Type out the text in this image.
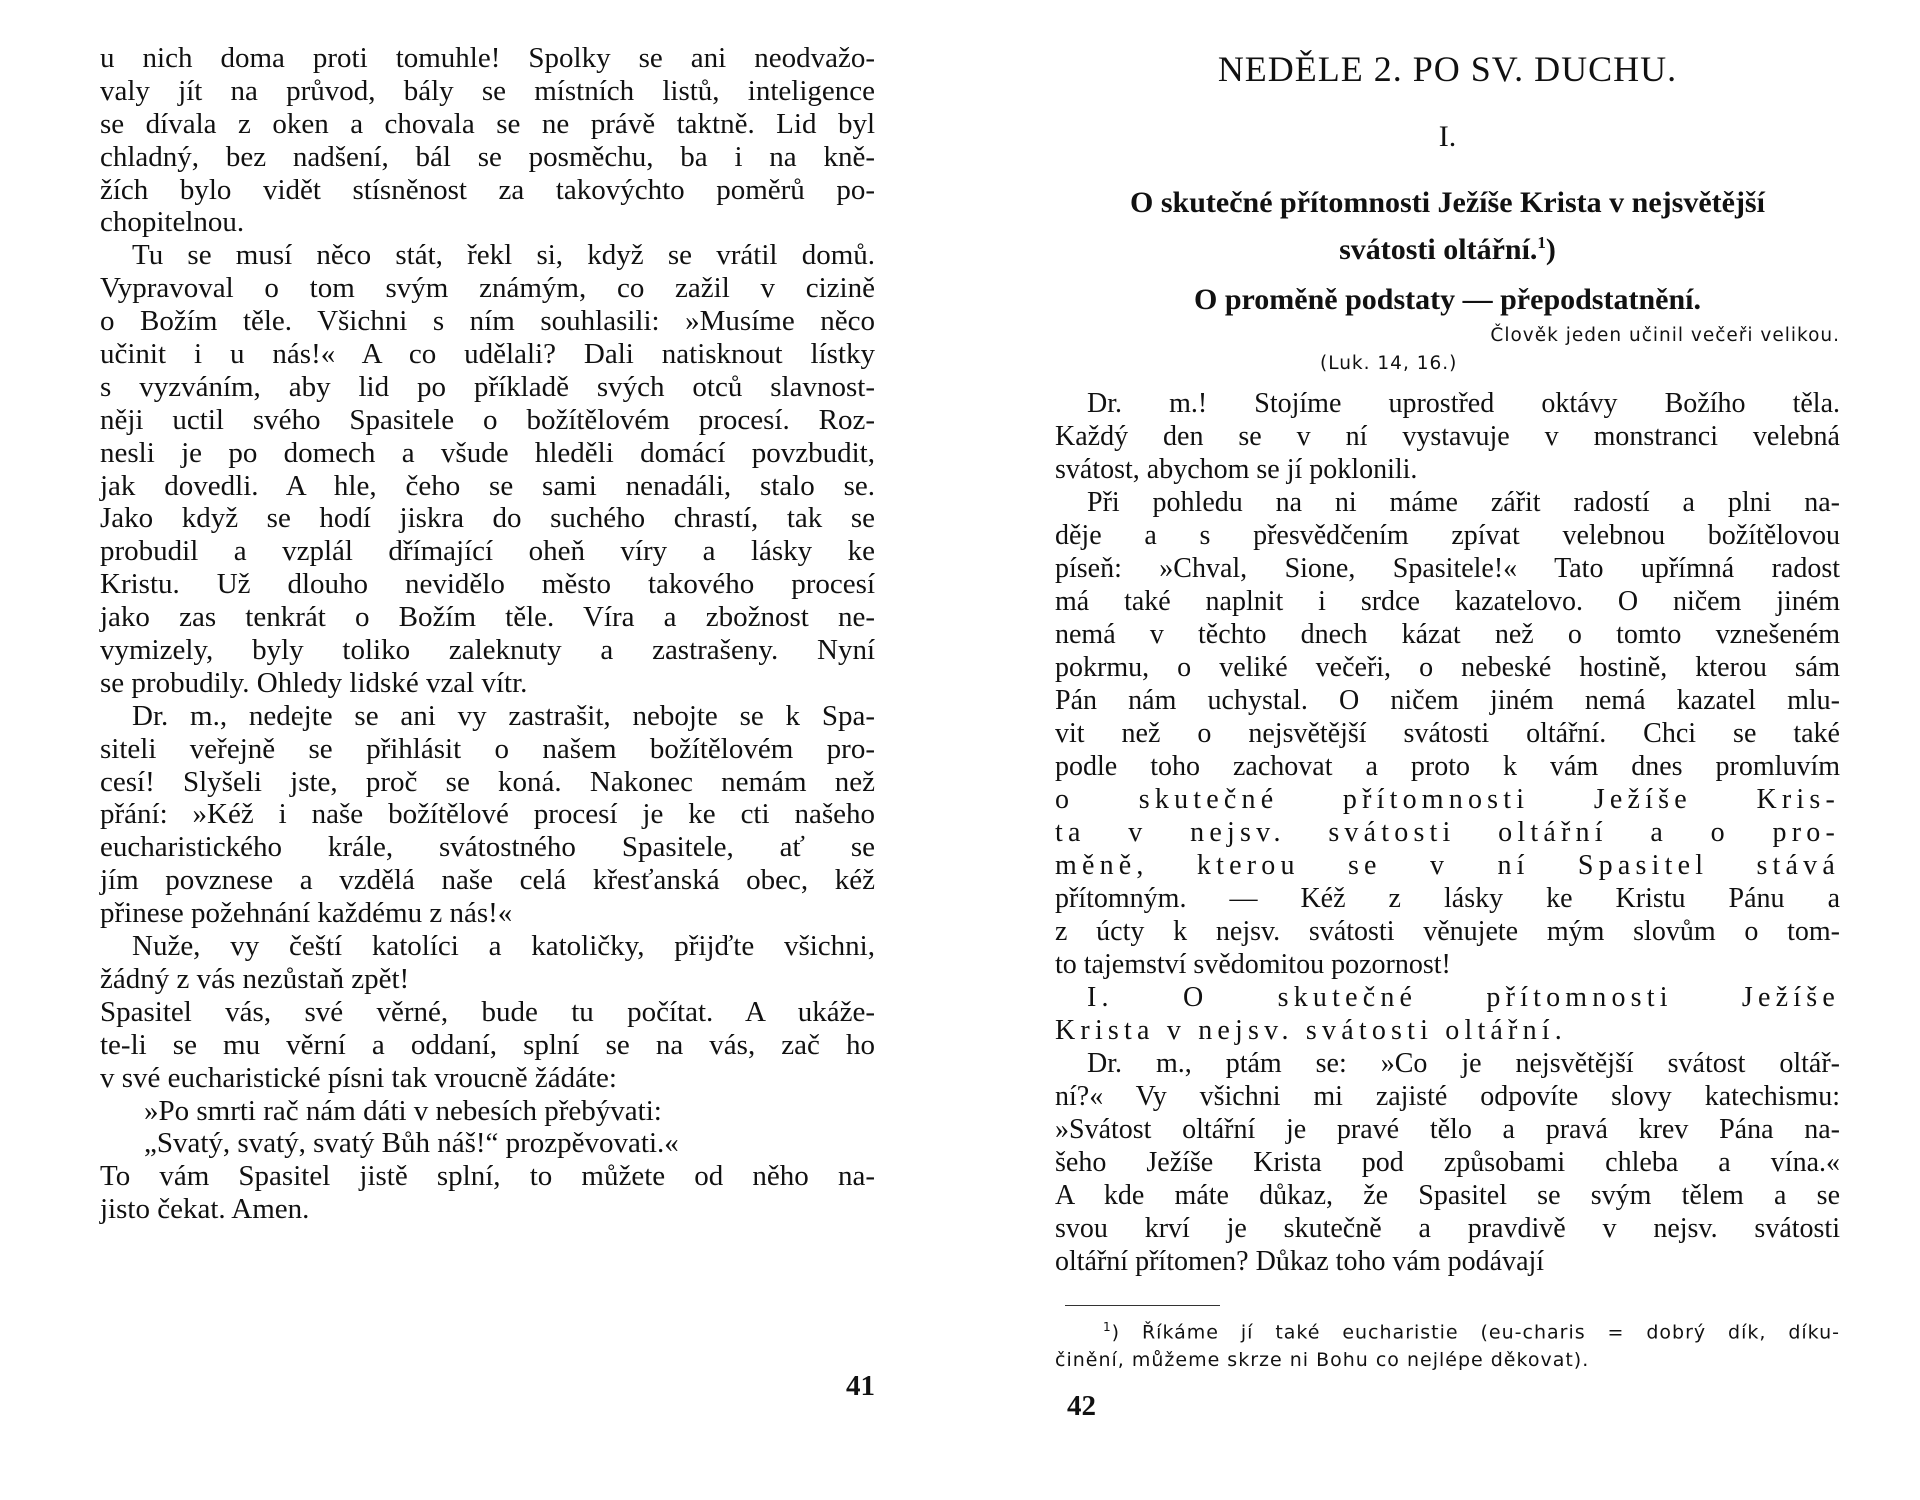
u nich doma proti tomuhle! Spolky se ani neodvažo-
valy jít na průvod, bály se místních listů, inteligence
se dívala z oken a chovala se ne právě taktně. Lid byl
chladný, bez nadšení, bál se posměchu, ba i na kně-
žích bylo vidět stísněnost za takovýchto poměrů po-
chopitelnou.
Tu se musí něco stát, řekl si, když se vrátil domů.
Vypravoval o tom svým známým, co zažil v cizině
o Božím těle. Všichni s ním souhlasili: »Musíme něco
učinit i u nás!« A co udělali? Dali natisknout lístky
s vyzváním, aby lid po příkladě svých otců slavnost-
něji uctil svého Spasitele o božítělovém procesí. Roz-
nesli je po domech a všude hleděli domácí povzbudit,
jak dovedli. A hle, čeho se sami nenadáli, stalo se.
Jako když se hodí jiskra do suchého chrastí, tak se
probudil a vzplál dřímající oheň víry a lásky ke
Kristu. Už dlouho nevidělo město takového procesí
jako zas tenkrát o Božím těle. Víra a zbožnost ne-
vymizely, byly toliko zaleknuty a zastrašeny. Nyní
se probudily. Ohledy lidské vzal vítr.
Dr. m., nedejte se ani vy zastrašit, nebojte se k Spa-
siteli veřejně se přihlásit o našem božítělovém pro-
cesí! Slyšeli jste, proč se koná. Nakonec nemám než
přání: »Kéž i naše božítělové procesí je ke cti našeho
eucharistického krále, svátostného Spasitele, ať se
jím povznese a vzdělá naše celá křesťanská obec, kéž
přinese požehnání každému z nás!«
Nuže, vy čeští katolíci a katoličky, přijďte všichni,
žádný z vás nezůstaň zpět!
Spasitel vás, své věrné, bude tu počítat. A ukáže-
te-li se mu věrní a oddaní, splní se na vás, zač ho
v své eucharistické písni tak vroucně žádáte:
»Po smrti rač nám dáti v nebesích přebývati:
„Svatý, svatý, svatý Bůh náš!“ prozpěvovati.«
To vám Spasitel jistě splní, to můžete od něho na-
jisto čekat. Amen.
41
NEDĚLE 2. PO SV. DUCHU.
I.
O skutečné přítomnosti Ježíše Krista v nejsvětější
svátosti oltářní.$^1$)
O proměně podstaty — přepodstatnění.
Člověk jeden učinil večeři velikou.
(Luk. 14, 16.)
Dr. m.! Stojíme uprostřed oktávy Božího těla.
Každý den se v ní vystavuje v monstranci velebná
svátost, abychom se jí poklonili.
Při pohledu na ni máme zářit radostí a plni na-
děje a s přesvědčením zpívat velebnou božítělovou
píseň: »Chval, Sione, Spasitele!« Tato upřímná radost
má také naplnit i srdce kazatelovo. O ničem jiném
nemá v těchto dnech kázat než o tomto vznešeném
pokrmu, o veliké večeři, o nebeské hostině, kterou sám
Pán nám uchystal. O ničem jiném nemá kazatel mlu-
vit než o nejsvětější svátosti oltářní. Chci se také
podle toho zachovat a proto k vám dnes promluvím
o skutečné přítomnosti Ježíše Kris-
ta v nejsv. svátosti oltářní a o pro-
měně, kterou se v ní Spasitel stává
přítomným. — Kéž z lásky ke Kristu Pánu a
z úcty k nejsv. svátosti věnujete mým slovům o tom-
to tajemství svědomitou pozornost!
I. O skutečné přítomnosti Ježíše
Krista v nejsv. svátosti oltářní.
Dr. m., ptám se: »Co je nejsvětější svátost oltář-
ní?« Vy všichni mi zajisté odpovíte slovy katechismu:
»Svátost oltářní je pravé tělo a pravá krev Pána na-
šeho Ježíše Krista pod způsobami chleba a vína.«
A kde máte důkaz, že Spasitel se svým tělem a se
svou krví je skutečně a pravdivě v nejsv. svátosti
oltářní přítomen? Důkaz toho vám podávají
$^1$) Říkáme jí také eucharistie (eu-charis = dobrý dík, díku-
činění, můžeme skrze ni Bohu co nejlépe děkovat).
42
